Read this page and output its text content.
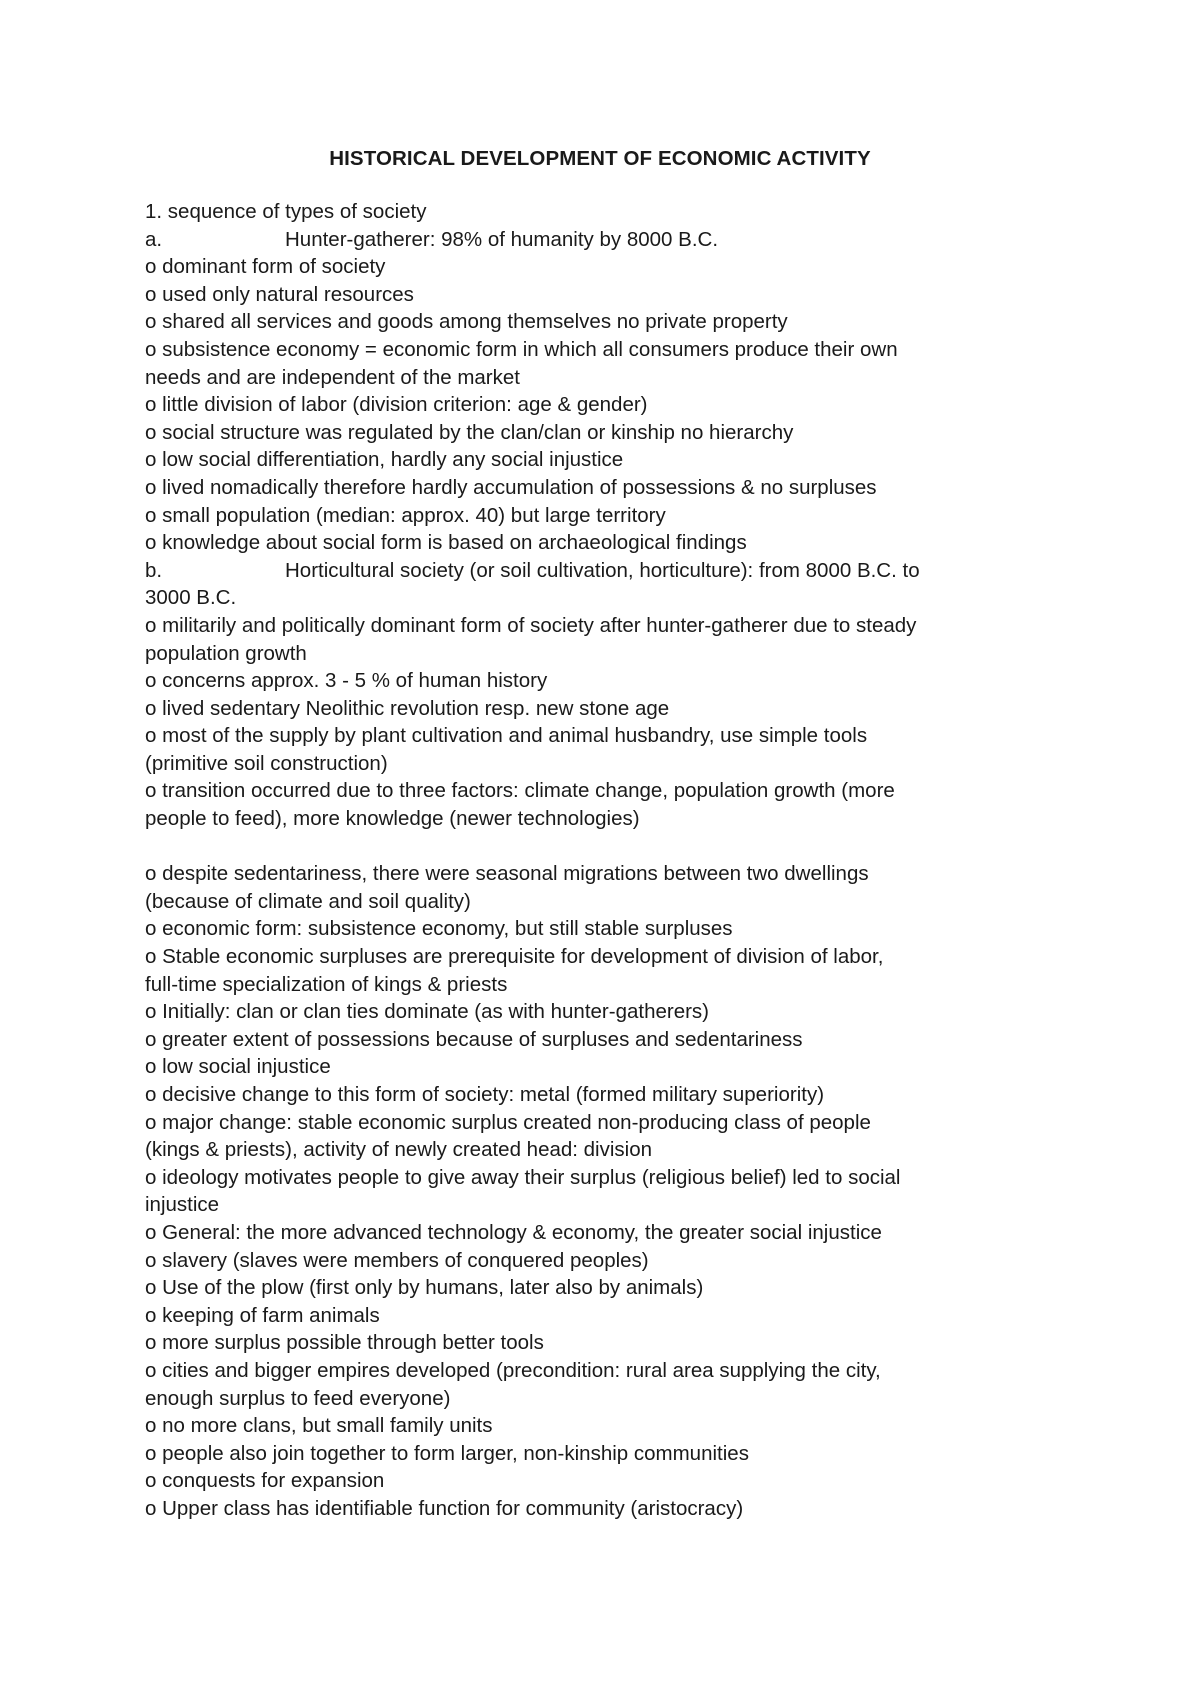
HISTORICAL DEVELOPMENT OF ECONOMIC ACTIVITY
1. sequence of types of society
a.	Hunter-gatherer: 98% of humanity by 8000 B.C.
o dominant form of society
o used only natural resources
o shared all services and goods among themselves no private property
o subsistence economy = economic form in which all consumers produce their own
needs and are independent of the market
o little division of labor (division criterion: age & gender)
o social structure was regulated by the clan/clan or kinship no hierarchy
o low social differentiation, hardly any social injustice
o lived nomadically therefore hardly accumulation of possessions & no surpluses
o small population (median: approx. 40) but large territory
o knowledge about social form is based on archaeological findings
b.	Horticultural society (or soil cultivation, horticulture): from 8000 B.C. to
3000 B.C.
o militarily and politically dominant form of society after hunter-gatherer due to steady
population growth
o concerns approx. 3 - 5 % of human history
o lived sedentary Neolithic revolution resp. new stone age
o most of the supply by plant cultivation and animal husbandry, use simple tools
(primitive soil construction)
o transition occurred due to three factors: climate change, population growth (more
people to feed), more knowledge (newer technologies)
o despite sedentariness, there were seasonal migrations between two dwellings
(because of climate and soil quality)
o economic form: subsistence economy, but still stable surpluses
o Stable economic surpluses are prerequisite for development of division of labor,
full-time specialization of kings & priests
o Initially: clan or clan ties dominate (as with hunter-gatherers)
o greater extent of possessions because of surpluses and sedentariness
o low social injustice
o decisive change to this form of society: metal (formed military superiority)
o major change: stable economic surplus created non-producing class of people
(kings & priests), activity of newly created head: division
o ideology motivates people to give away their surplus (religious belief) led to social
injustice
o General: the more advanced technology & economy, the greater social injustice
o slavery (slaves were members of conquered peoples)
o Use of the plow (first only by humans, later also by animals)
o keeping of farm animals
o more surplus possible through better tools
o cities and bigger empires developed (precondition: rural area supplying the city,
enough surplus to feed everyone)
o no more clans, but small family units
o people also join together to form larger, non-kinship communities
o conquests for expansion
o Upper class has identifiable function for community (aristocracy)
